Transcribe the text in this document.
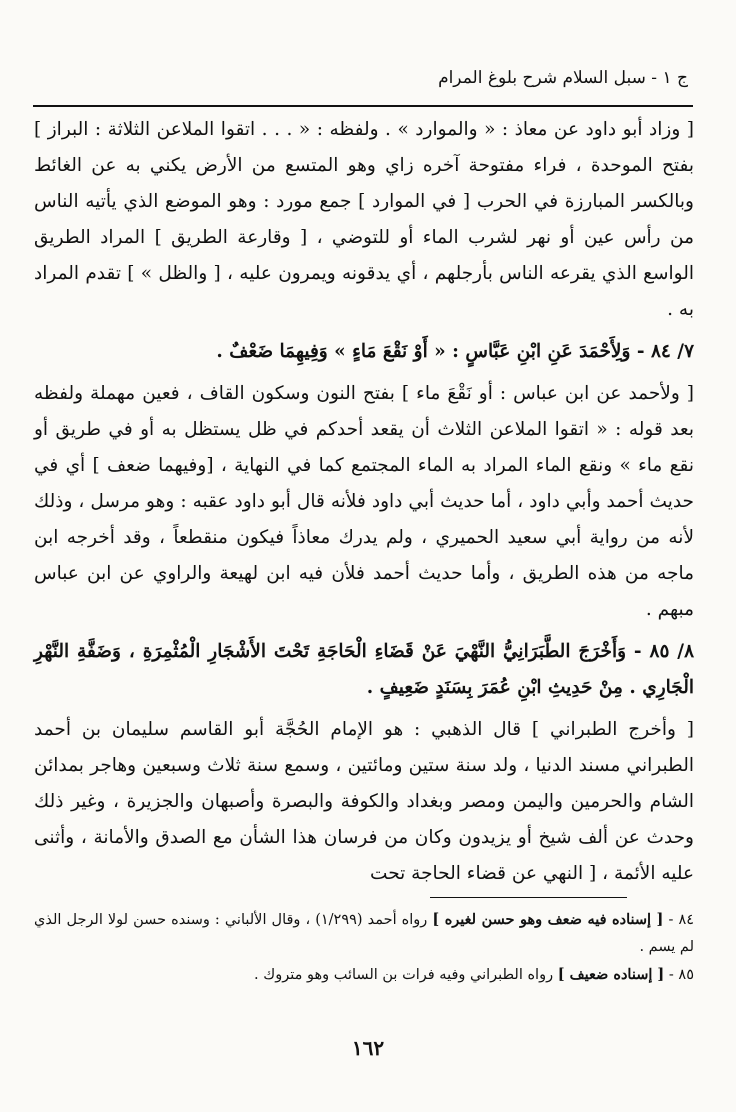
ج ١ - سبل السلام شرح بلوغ المرام

[ وزاد أبو داود عن معاذ : « والموارد » . ولفظه : « . . . اتقوا الملاعن الثلاثة : البراز ] بفتح الموحدة ، فراء مفتوحة آخره زاي وهو المتسع من الأرض يكني به عن الغائط وبالكسر المبارزة في الحرب [ في الموارد ] جمع مورد : وهو الموضع الذي يأتيه الناس من رأس عين أو نهر لشرب الماء أو للتوضي ، [ وقارعة الطريق ] المراد الطريق الواسع الذي يقرعه الناس بأرجلهم ، أي يدقونه ويمرون عليه ، [ والظل » ] تقدم المراد به .

٧/ ٨٤ - وَلِأَحْمَدَ عَنِ ابْنِ عَبَّاسٍ : « أَوْ نَقْعَ مَاءٍ » وَفِيهِمَا ضَعْفٌ .

[ ولأحمد عن ابن عباس : أو نَقْعَ ماء ] بفتح النون وسكون القاف ، فعين مهملة ولفظه بعد قوله : « اتقوا الملاعن الثلاث أن يقعد أحدكم في ظل يستظل به أو في طريق أو نقع ماء » ونقع الماء المراد به الماء المجتمع كما في النهاية ، [وفيهما ضعف ] أي في حديث أحمد وأبي داود ، أما حديث أبي داود فلأنه قال أبو داود عقبه : وهو مرسل ، وذلك لأنه من رواية أبي سعيد الحميري ، ولم يدرك معاذاً فيكون منقطعاً ، وقد أخرجه ابن ماجه من هذه الطريق ، وأما حديث أحمد فلأن فيه ابن لهيعة والراوي عن ابن عباس مبهم .

٨/ ٨٥ - وَأَخْرَجَ الطَّبَرَانِيُّ النَّهْيَ عَنْ قَضَاءِ الْحَاجَةِ تَحْتَ الأَشْجَارِ الْمُثْمِرَةِ ، وَضَفَّةِ النَّهْرِ الْجَارِي . مِنْ حَدِيثِ ابْنِ عُمَرَ بِسَنَدٍ ضَعِيفٍ .

[ وأخرج الطبراني ] قال الذهبي : هو الإمام الحُجَّة أبو القاسم سليمان بن أحمد الطبراني مسند الدنيا ، ولد سنة ستين ومائتين ، وسمع سنة ثلاث وسبعين وهاجر بمدائن الشام والحرمين واليمن ومصر وبغداد والكوفة والبصرة وأصبهان والجزيرة ، وغير ذلك وحدث عن ألف شيخ أو يزيدون وكان من فرسان هذا الشأن مع الصدق والأمانة ، وأثنى عليه الأئمة ، [ النهي عن قضاء الحاجة تحت

٨٤ - [ إسناده فيه ضعف وهو حسن لغيره ] رواه أحمد (١/٢٩٩) ، وقال الألباني : وسنده حسن لولا الرجل الذي لم يسم .

٨٥ - [ إسناده ضعيف ] رواه الطبراني وفيه فرات بن السائب وهو متروك .

١٦٢
